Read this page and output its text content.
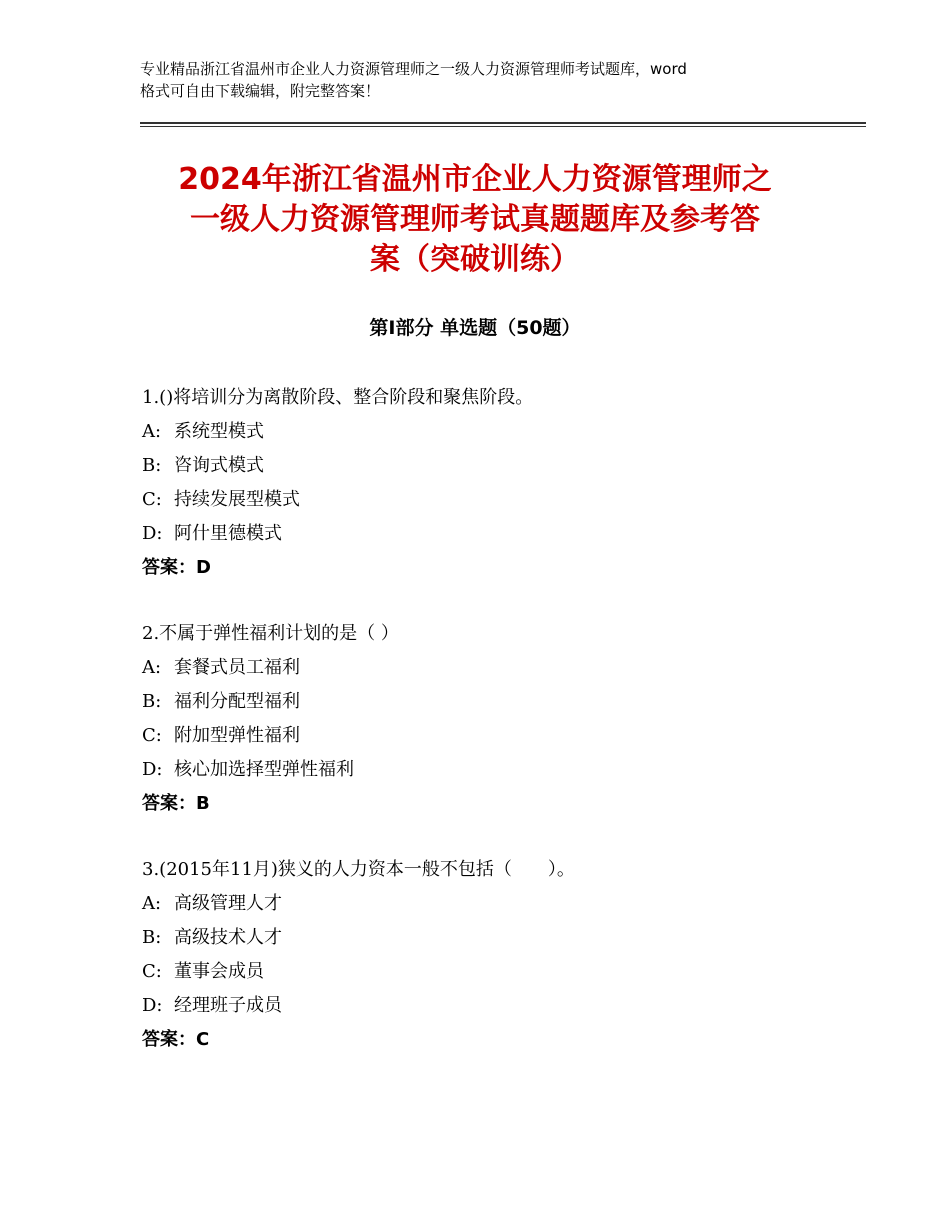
专业精品浙江省温州市企业人力资源管理师之一级人力资源管理师考试题库，word
格式可自由下载编辑，附完整答案！
2024年浙江省温州市企业人力资源管理师之
一级人力资源管理师考试真题题库及参考答
案（突破训练）
第Ⅰ部分 单选题（50题）
1.()将培训分为离散阶段、整合阶段和聚焦阶段。
A: 系统型模式
B: 咨询式模式
C: 持续发展型模式
D: 阿什里德模式
答案：D
2.不属于弹性福利计划的是（ ）
A: 套餐式员工福利
B: 福利分配型福利
C: 附加型弹性福利
D: 核心加选择型弹性福利
答案：B
3.(2015年11月)狭义的人力资本一般不包括（　　）。
A: 高级管理人才
B: 高级技术人才
C: 董事会成员
D: 经理班子成员
答案：C
